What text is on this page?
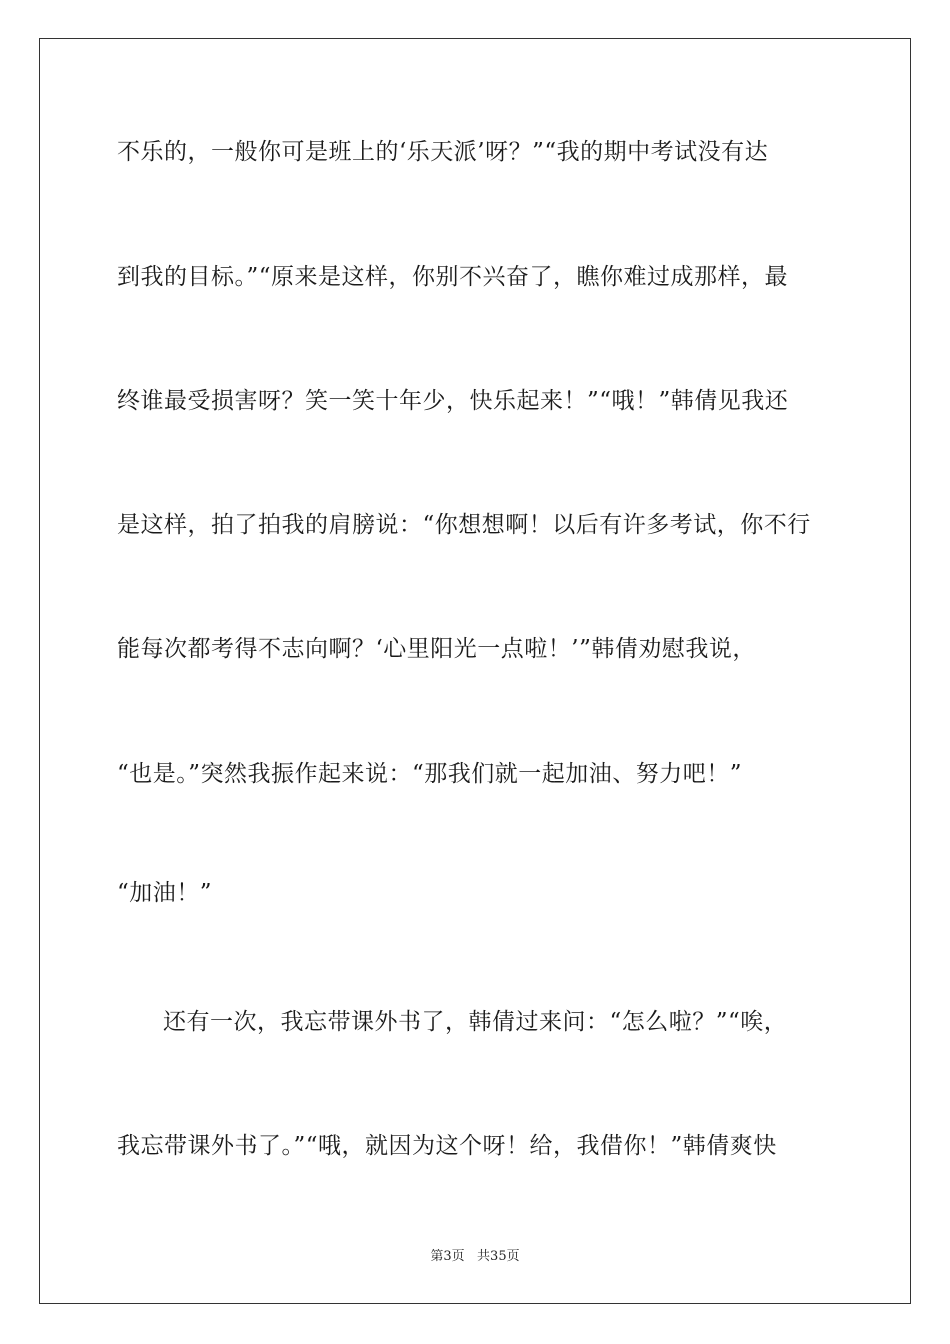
不乐的，一般你可是班上的‘乐天派’呀？”“我的期中考试没有达
到我的目标。”“原来是这样，你别不兴奋了，瞧你难过成那样，最
终谁最受损害呀？笑一笑十年少，快乐起来！”“哦！”韩倩见我还
是这样，拍了拍我的肩膀说：“你想想啊！以后有许多考试，你不行
能每次都考得不志向啊？‘心里阳光一点啦！’”韩倩劝慰我说，
“也是。”突然我振作起来说：“那我们就一起加油、努力吧！”
“加油！”
还有一次，我忘带课外书了，韩倩过来问：“怎么啦？”“唉，
我忘带课外书了。”“哦，就因为这个呀！给，我借你！”韩倩爽快
第3页   共35页
